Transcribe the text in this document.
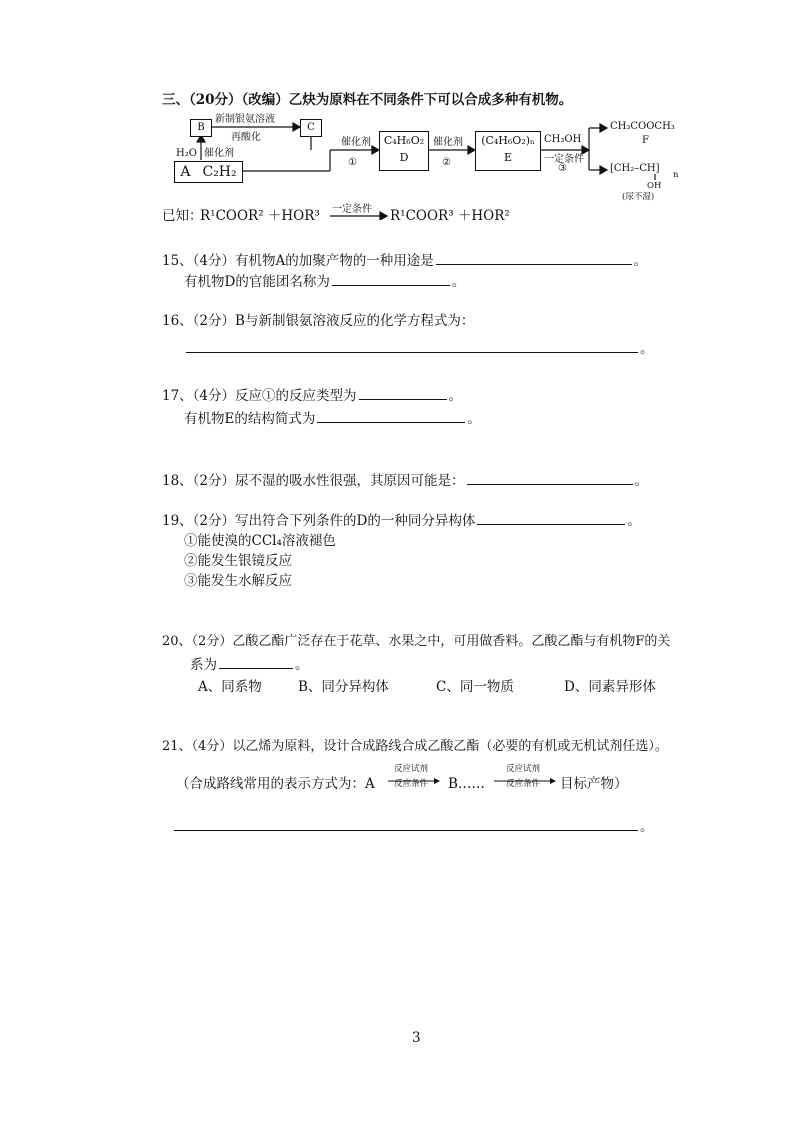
三、（20分）（改编）乙炔为原料在不同条件下可以合成多种有机物。
B	C
新制银氨溶液
再酸化
H₂O 催化剂
A C₂H₂
催化剂
①
C₄H₆O₂
D
催化剂
②
(C₄H₆O₂)ₙ
E
CH₃OH
一定条件
③
CH₃COOCH₃
F
[CH₂–CH]
n
OH
(尿不湿)
已知：
R¹COOR² ＋HOR³ 一定条件 R¹COOR³ ＋HOR²
15、（4分）有机物A的加聚产物的一种用途是	。
有机物D的官能团名称为	。
16、（2分）B与新制银氨溶液反应的化学方程式为：
。
17、（4分）反应①的反应类型为	。
有机物E的结构简式为	。
18、（2分）尿不湿的吸水性很强，其原因可能是：	。
19、（2分）写出符合下列条件的D的一种同分异构体	。
①能使溴的CCl₄溶液褪色
②能发生银镜反应
③能发生水解反应
20、（2分）乙酸乙酯广泛存在于花草、水果之中，可用做香料。乙酸乙酯与有机物F的关
系为	。
A、同系物	B、同分异构体	C、同一物质	D、同素异形体
21、（4分）以乙烯为原料，设计合成路线合成乙酸乙酯（必要的有机或无机试剂任选）。
（合成路线常用的表示方式为：A
反应试剂
反应条件 B……
反应试剂
反应条件 目标产物）
。
3
